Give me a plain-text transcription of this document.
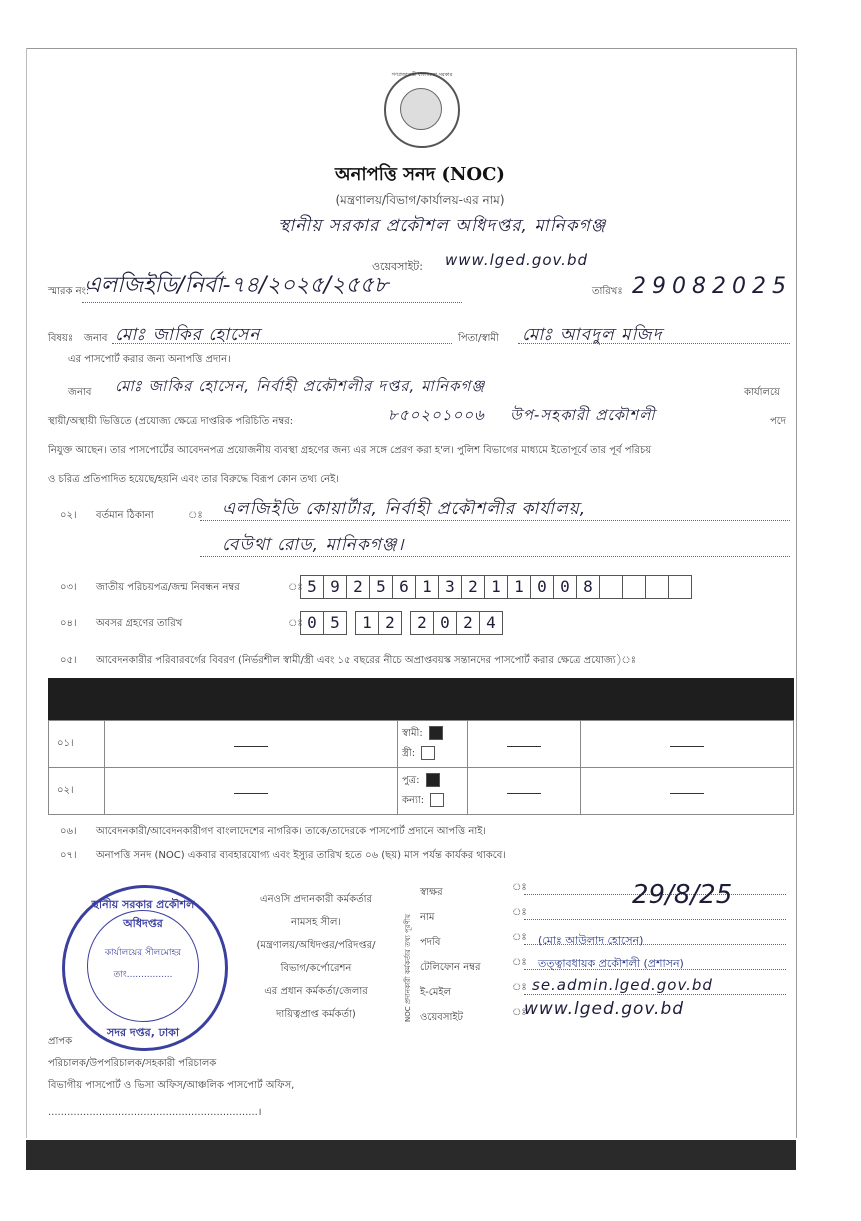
গণপ্রজাতন্ত্রী বাংলাদেশ সরকার
অনাপত্তি সনদ (NOC)
(মন্ত্রণালয়/বিভাগ/কার্যালয়-এর নাম)
স্থানীয় সরকার প্রকৌশল অধিদপ্তর, মানিকগঞ্জ
ওয়েবসাইট: www.lged.gov.bd
স্মারক নং:
এলজিইডি/নির্বা-৭৪/২০২৫/২৫৫৮	তারিখঃ 29082025
বিষয়ঃ জনাব মোঃ জাকির হোসেন	পিতা/স্বামী মোঃ আবদুল মজিদ
এর পাসপোর্ট করার জন্য অনাপত্তি প্রদান।
জনাব মোঃ জাকির হোসেন, নির্বাহী প্রকৌশলীর দপ্তর, মানিকগঞ্জ	কার্যালয়ে
স্থায়ী/অস্থায়ী ভিত্তিতে (প্রযোজ্য ক্ষেত্রে দাপ্তরিক পরিচিতি নম্বর:	৮৫০২০১০০৬ উপ-সহকারী প্রকৌশলী	পদে
নিযুক্ত আছেন। তার পাসপোর্টের আবেদনপত্র প্রয়োজনীয় ব্যবস্থা গ্রহণের জন্য এর সঙ্গে প্রেরণ করা হ'ল। পুলিশ বিভাগের মাধ্যমে ইতোপূর্বে তার পূর্ব পরিচয়
ও চরিত্র প্রতিপাদিত হয়েছে/হয়নি এবং তার বিরুদ্ধে বিরূপ কোন তথ্য নেই।
০২। বর্তমান ঠিকানা	ঃ এলজিইডি কোয়ার্টার, নির্বাহী প্রকৌশলীর কার্যালয়,
বেউথা রোড, মানিকগঞ্জ।
০৩। জাতীয় পরিচয়পত্র/জন্ম নিবন্ধন নম্বর	ঃ 5 9 2 5 6 1 3 2 1 1 0 0 8
০৪। অবসর গ্রহণের তারিখ	ঃ 0 5	1 2	2 0 2 4
০৫। আবেদনকারীর পরিবারবর্গের বিবরণ (নির্ভরশীল স্বামী/স্ত্রী এবং ১৫ বছরের নীচে অপ্রাপ্তবয়স্ক সন্তানদের পাসপোর্ট করার ক্ষেত্রে প্রযোজ্য)ঃ
০১।		স্বামী:
স্ত্রী:		
০২।		পুত্র:
কন্যা:		
০৬। আবেদনকারী/আবেদনকারীগণ বাংলাদেশের নাগরিক। তাকে/তাদেরকে পাসপোর্ট প্রদানে আপত্তি নাই।
০৭। অনাপত্তি সনদ (NOC) একবার ব্যবহারযোগ্য এবং ইস্যুর তারিখ হতে ০৬ (ছয়) মাস পর্যন্ত কার্যকর থাকবে।
এনওসি প্রদানকারী কর্মকর্তার
নামসহ সীল।
(মন্ত্রণালয়/অধিদপ্তর/পরিদপ্তর/
বিভাগ/কর্পোরেশন
এর প্রধান কর্মকর্তা/জেলার
দায়িত্বপ্রাপ্ত কর্মকর্তা)	NOC প্রদানকারী কর্মকর্তার তথ্য পূরণীয়
স্বাক্ষর	ঃ	29/8/25
নাম	ঃ
পদবি	ঃ (মোঃ আউলাদ হোসেন)
টেলিফোন নম্বর	ঃ তত্ত্বাবধায়ক প্রকৌশলী (প্রশাসন)
ই-মেইল	ঃ se.admin.lged.gov.bd
ওয়েবসাইট	ঃ
www.lged.gov.bd
স্থানীয় সরকার প্রকৌশল অধিদপ্তর
কার্যালয়ের সীলমোহর
তাং................
সদর দপ্তর, ঢাকা
প্রাপক
পরিচালক/উপপরিচালক/সহকারী পরিচালক
বিভাগীয় পাসপোর্ট ও ভিসা অফিস/আঞ্চলিক পাসপোর্ট অফিস,
..................................................................।
